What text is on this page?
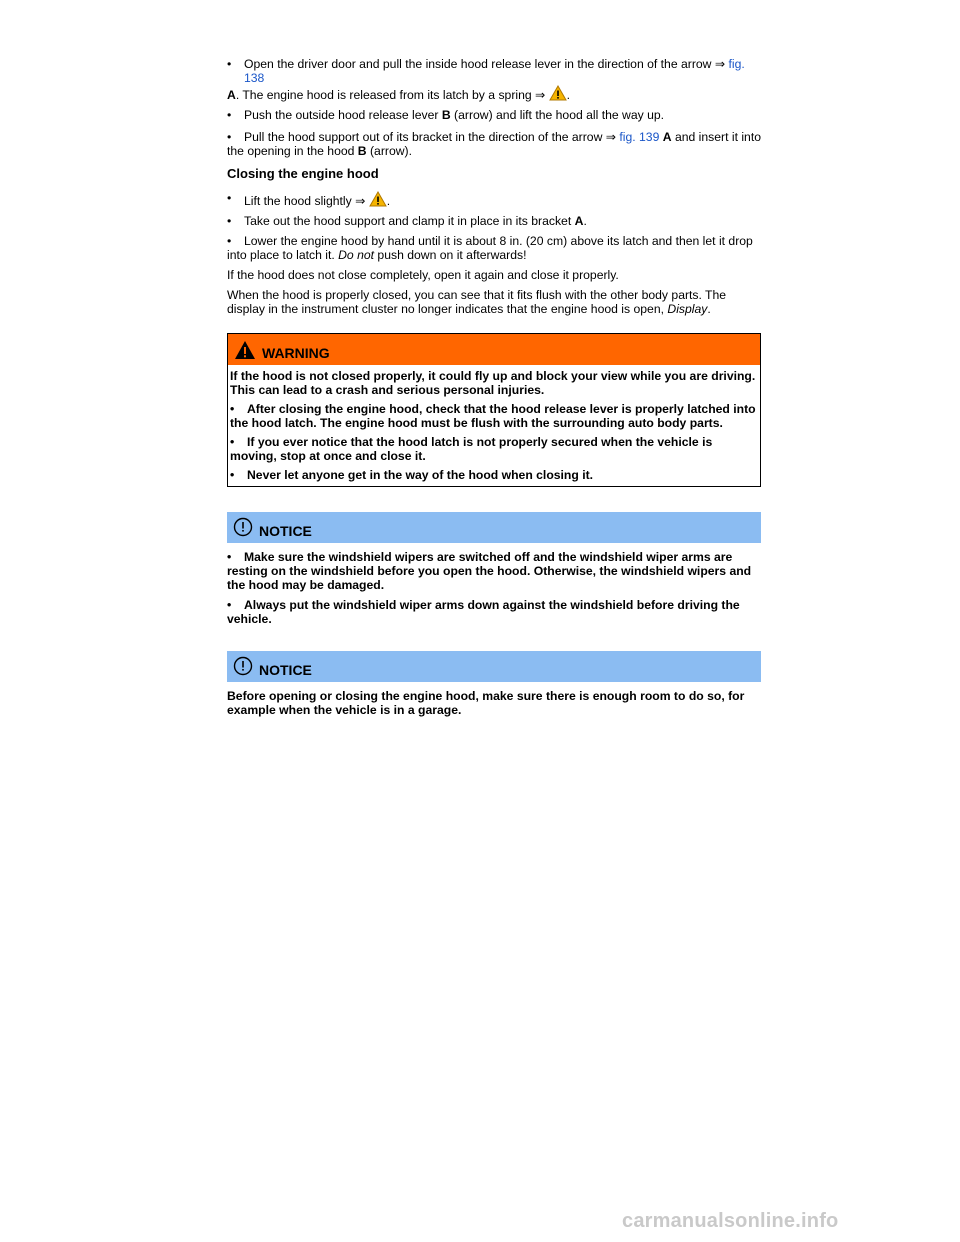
• Open the driver door and pull the inside hood release lever in the direction of the arrow ⇒ fig. 138

A. The engine hood is released from its latch by a spring ⇒ .

• Push the outside hood release lever B (arrow) and lift the hood all the way up.

• Pull the hood support out of its bracket in the direction of the arrow ⇒ fig. 139 A and insert it into the opening in the hood B (arrow).

Closing the engine hood

• Lift the hood slightly ⇒ .

• Take out the hood support and clamp it in place in its bracket A.

• Lower the engine hood by hand until it is about 8 in. (20 cm) above its latch and then let it drop into place to latch it. Do not push down on it afterwards!

If the hood does not close completely, open it again and close it properly.

When the hood is properly closed, you can see that it fits flush with the other body parts. The display in the instrument cluster no longer indicates that the engine hood is open, Display.

WARNING

If the hood is not closed properly, it could fly up and block your view while you are driving. This can lead to a crash and serious personal injuries.

• After closing the engine hood, check that the hood release lever is properly latched into the hood latch. The engine hood must be flush with the surrounding auto body parts.

• If you ever notice that the hood latch is not properly secured when the vehicle is moving, stop at once and close it.

• Never let anyone get in the way of the hood when closing it.

NOTICE

• Make sure the windshield wipers are switched off and the windshield wiper arms are resting on the windshield before you open the hood. Otherwise, the windshield wipers and the hood may be damaged.

• Always put the windshield wiper arms down against the windshield before driving the vehicle.

NOTICE

Before opening or closing the engine hood, make sure there is enough room to do so, for example when the vehicle is in a garage.

carmanualsonline.info
